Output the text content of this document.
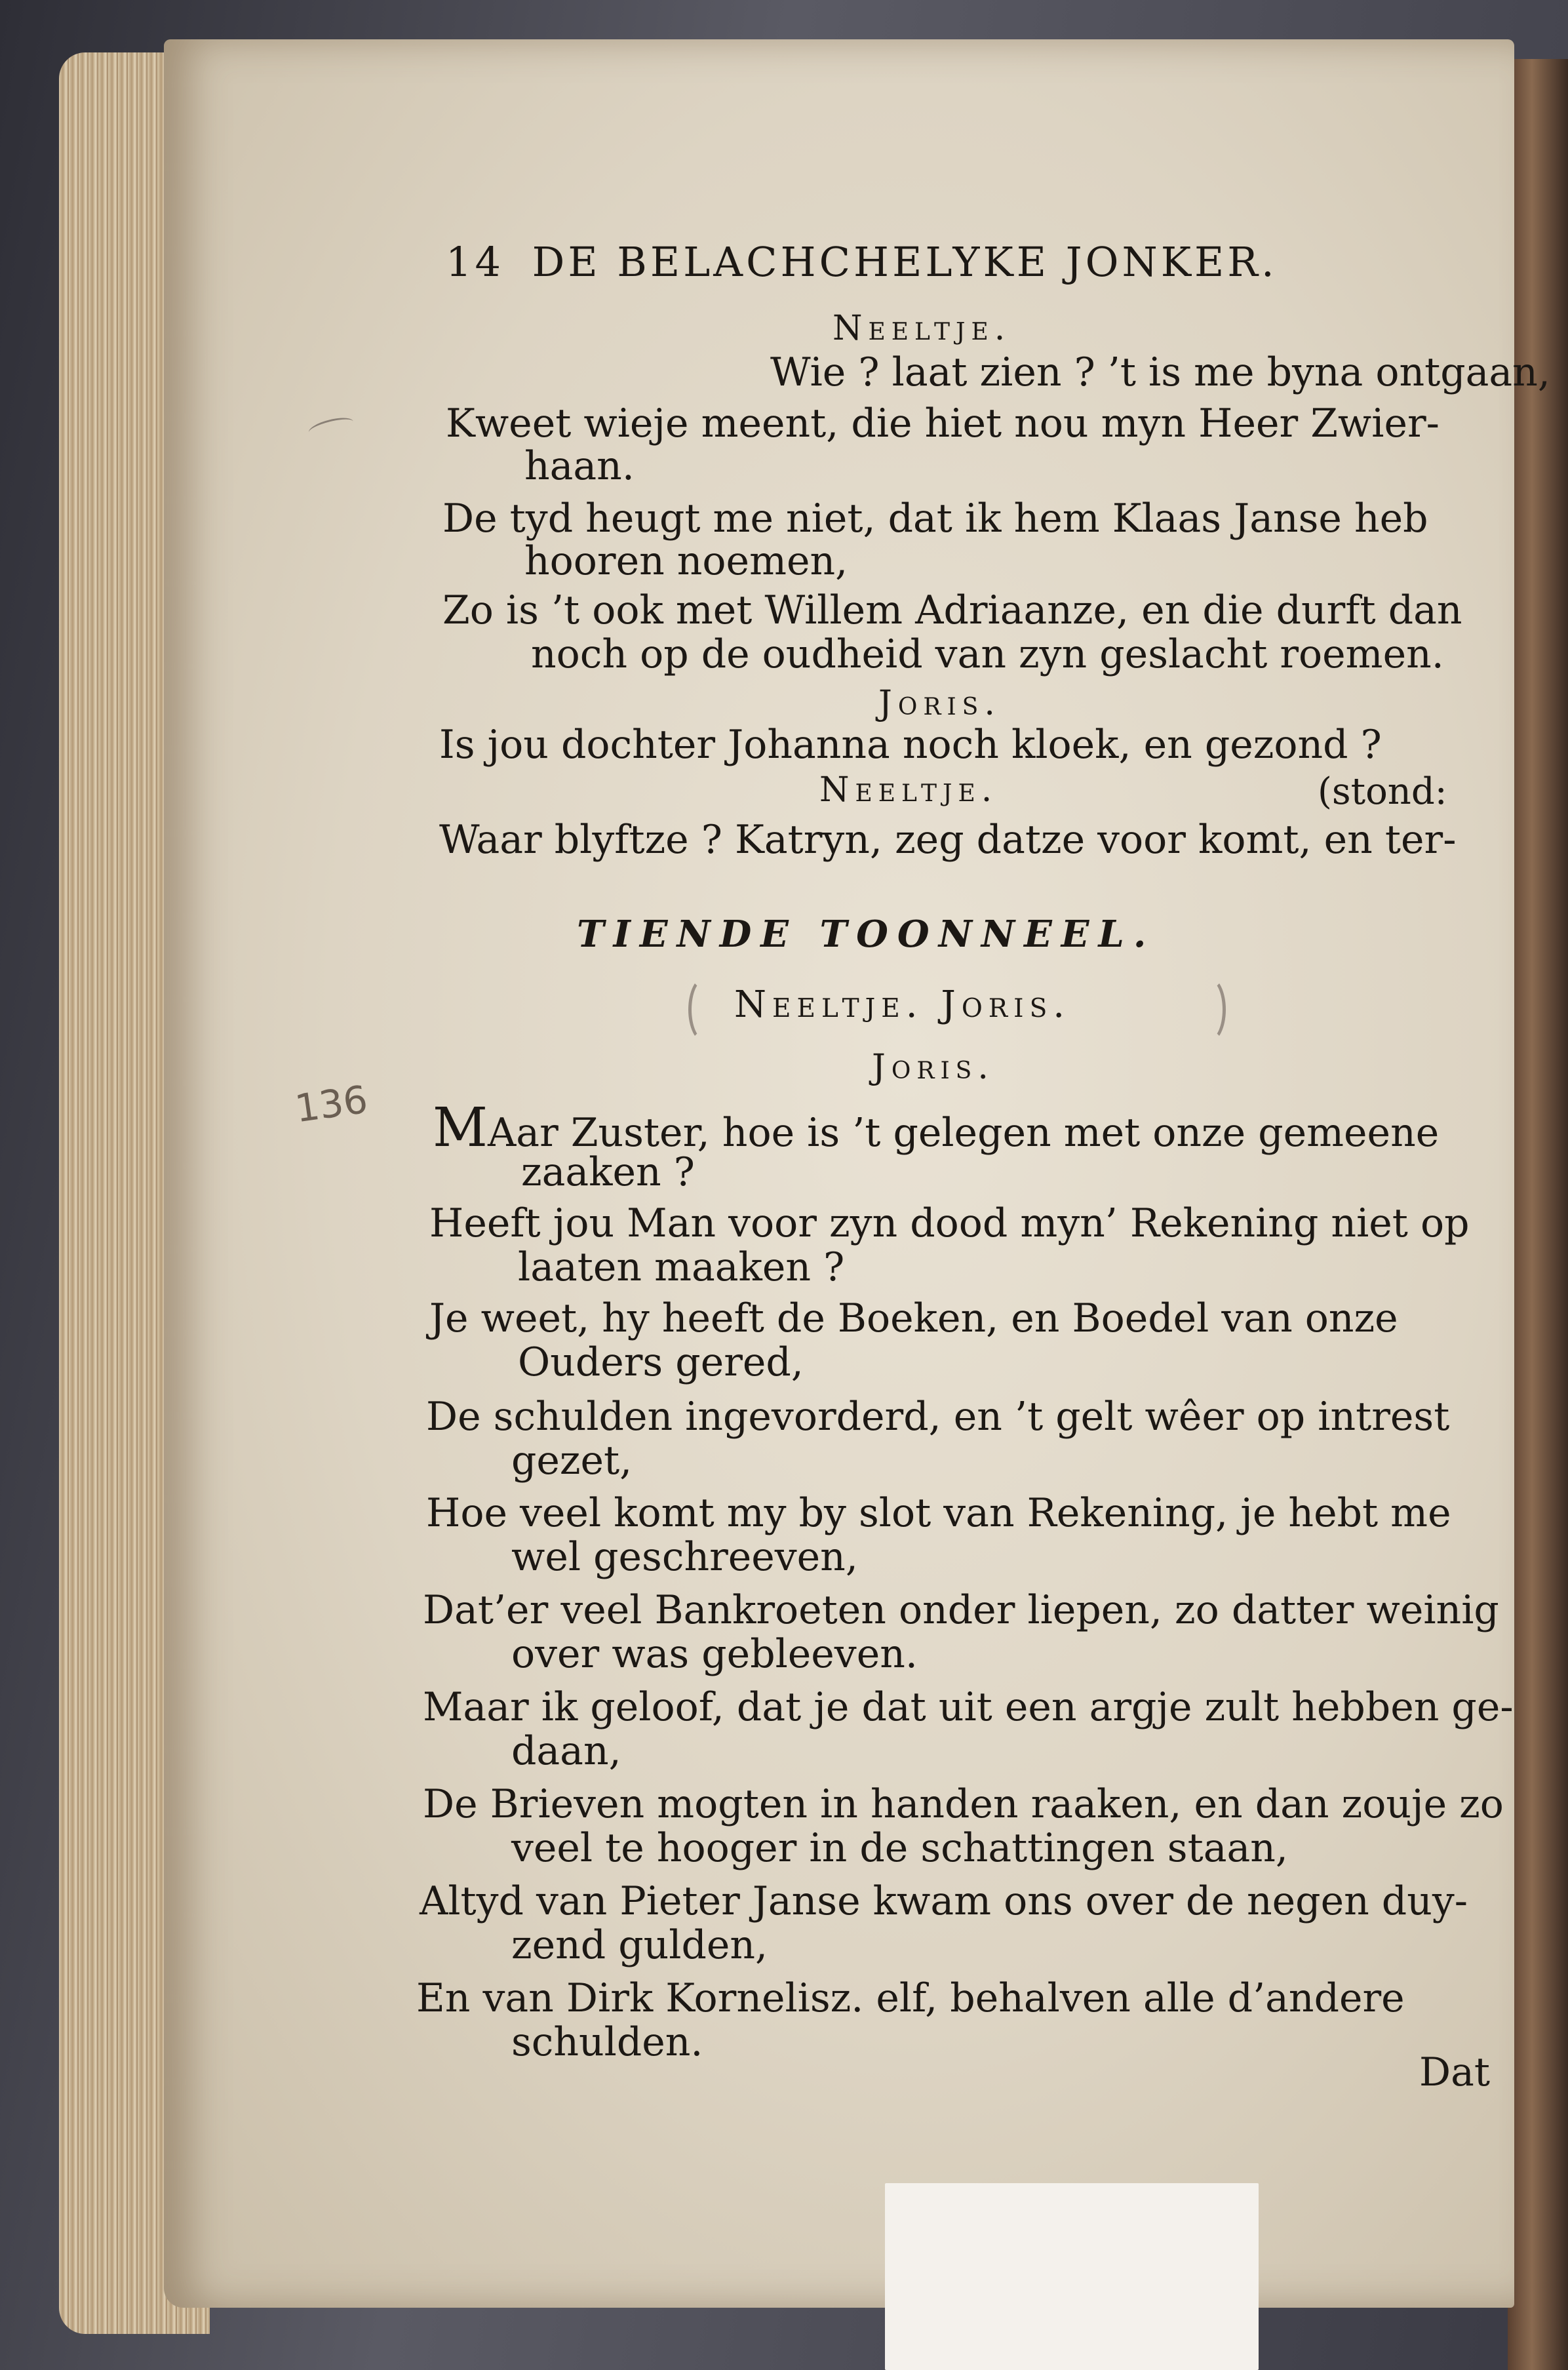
14 DE BELACHCHELYKE JONKER.

Neeltje.

Wie ? laat zien ? ’t is me byna ontgaan,

Kweet wieje meent, die hiet nou myn Heer Zwier-

haan.

De tyd heugt me niet, dat ik hem Klaas Janse heb

hooren noemen,

Zo is ’t ook met Willem Adriaanze, en die durft dan

noch op de oudheid van zyn geslacht roemen.

Joris.

Is jou dochter Johanna noch kloek, en gezond ?

Neeltje.	(stond:

Waar blyftze ? Katryn, zeg datze voor komt, en ter-

TIENDE TOONNEEL.

Neeltje. Joris.

Joris.

136 MAar Zuster, hoe is ’t gelegen met onze gemeene

zaaken ?

Heeft jou Man voor zyn dood myn’ Rekening niet op

laaten maaken ?

Je weet, hy heeft de Boeken, en Boedel van onze

Ouders gered,

De schulden ingevorderd, en ’t gelt wêer op intrest

gezet,

Hoe veel komt my by slot van Rekening, je hebt me

wel geschreeven,

Dat’er veel Bankroeten onder liepen, zo datter weinig

over was gebleeven.

Maar ik geloof, dat je dat uit een argje zult hebben ge-

daan,

De Brieven mogten in handen raaken, en dan zouje zo

veel te hooger in de schattingen staan,

Altyd van Pieter Janse kwam ons over de negen duy-

zend gulden,

En van Dirk Kornelisz. elf, behalven alle d’andere

schulden.

Dat
